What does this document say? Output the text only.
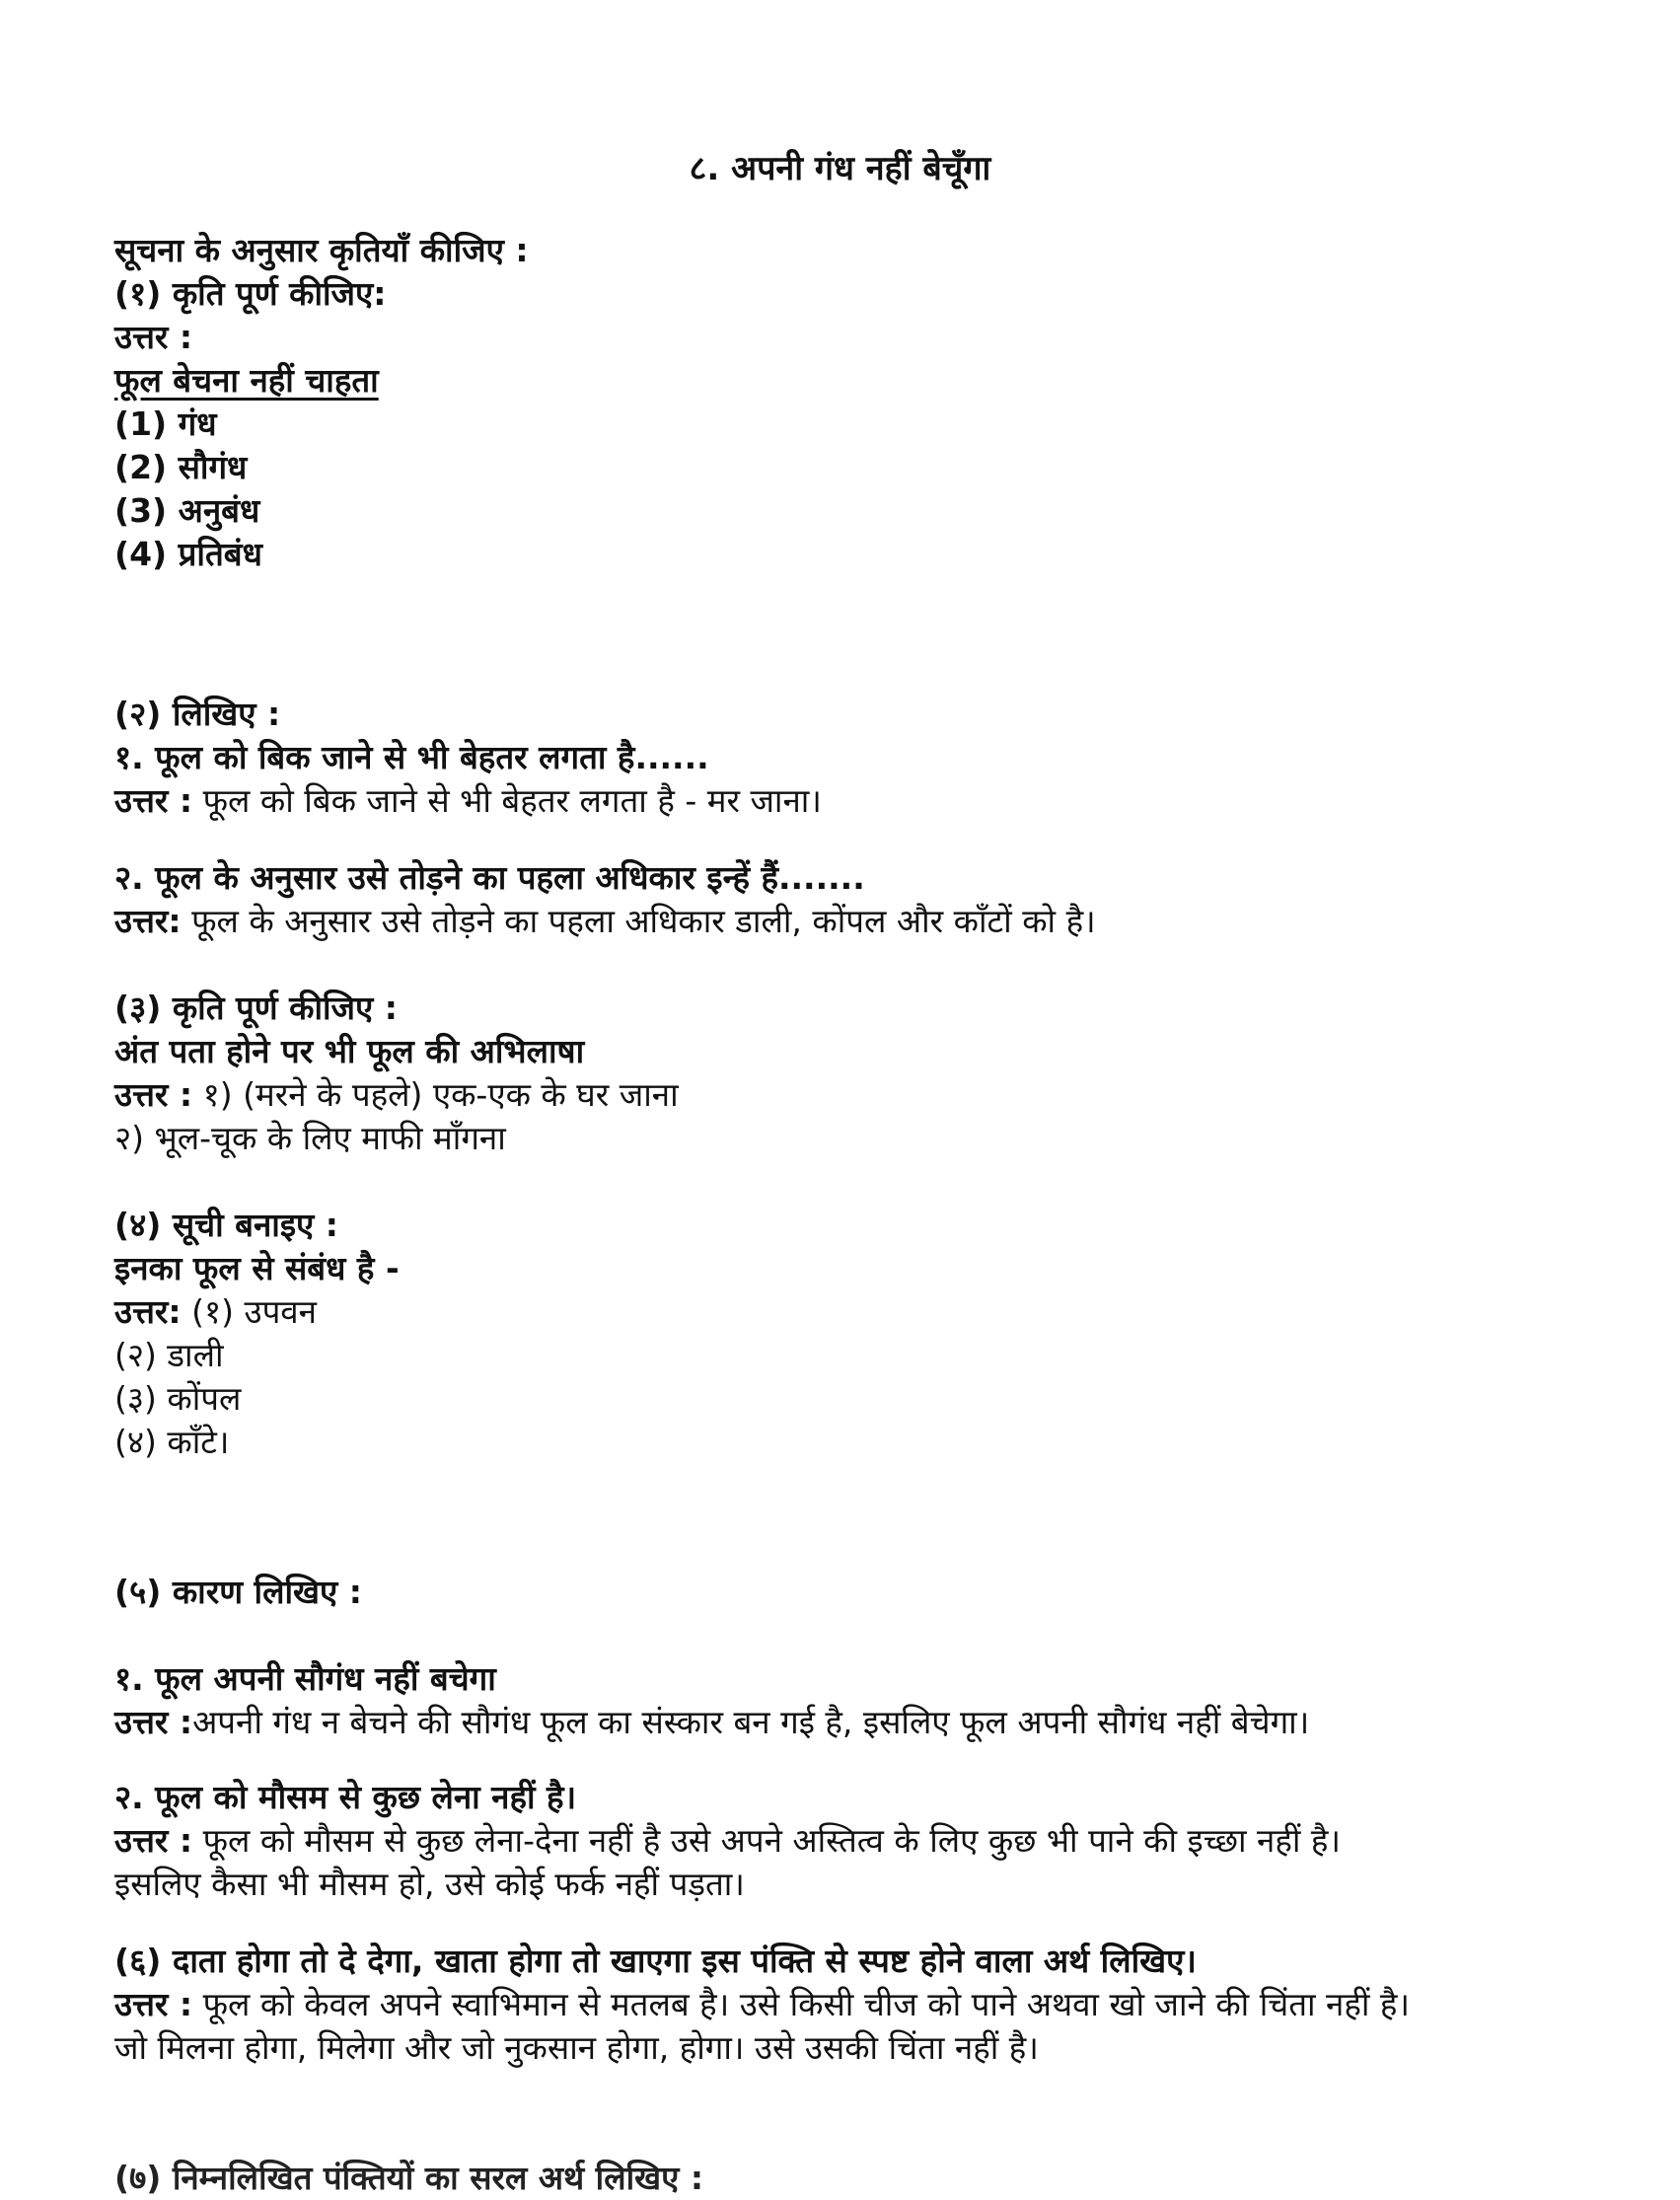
८. अपनी गंध नहीं बेचूँगा
सूचना के अनुसार कृतियाँ कीजिए :
(१) कृति पूर्ण कीजिए:
उत्तर :
फूल बेचना नहीं चाहता
(1) गंध
(2) सौगंध
(3) अनुबंध
(4) प्रतिबंध
(२) लिखिए :
१. फूल को बिक जाने से भी बेहतर लगता है......
उत्तर : फूल को बिक जाने से भी बेहतर लगता है - मर जाना।
२. फूल के अनुसार उसे तोड़ने का पहला अधिकार इन्हें हैं.......
उत्तर: फूल के अनुसार उसे तोड़ने का पहला अधिकार डाली, कोंपल और काँटों को है।
(३) कृति पूर्ण कीजिए :
अंत पता होने पर भी फूल की अभिलाषा
उत्तर : १) (मरने के पहले) एक-एक के घर जाना
२) भूल-चूक के लिए माफी माँगना
(४) सूची बनाइए :
इनका फूल से संबंध है -
उत्तर: (१) उपवन
(२) डाली
(३) कोंपल
(४) काँटे।
(५) कारण लिखिए :
१. फूल अपनी सौगंध नहीं बचेगा
उत्तर :अपनी गंध न बेचने की सौगंध फूल का संस्कार बन गई है, इसलिए फूल अपनी सौगंध नहीं बेचेगा।
२. फूल को मौसम से कुछ लेना नहीं है।
उत्तर : फूल को मौसम से कुछ लेना-देना नहीं है उसे अपने अस्तित्व के लिए कुछ भी पाने की इच्छा नहीं है।
इसलिए कैसा भी मौसम हो, उसे कोई फर्क नहीं पड़ता।
(६) दाता होगा तो दे देगा, खाता होगा तो खाएगा इस पंक्ति से स्पष्ट होने वाला अर्थ लिखिए।
उत्तर : फूल को केवल अपने स्वाभिमान से मतलब है। उसे किसी चीज को पाने अथवा खो जाने की चिंता नहीं है।
जो मिलना होगा, मिलेगा और जो नुकसान होगा, होगा। उसे उसकी चिंता नहीं है।
(७) निम्नलिखित पंक्तियों का सरल अर्थ लिखिए :
